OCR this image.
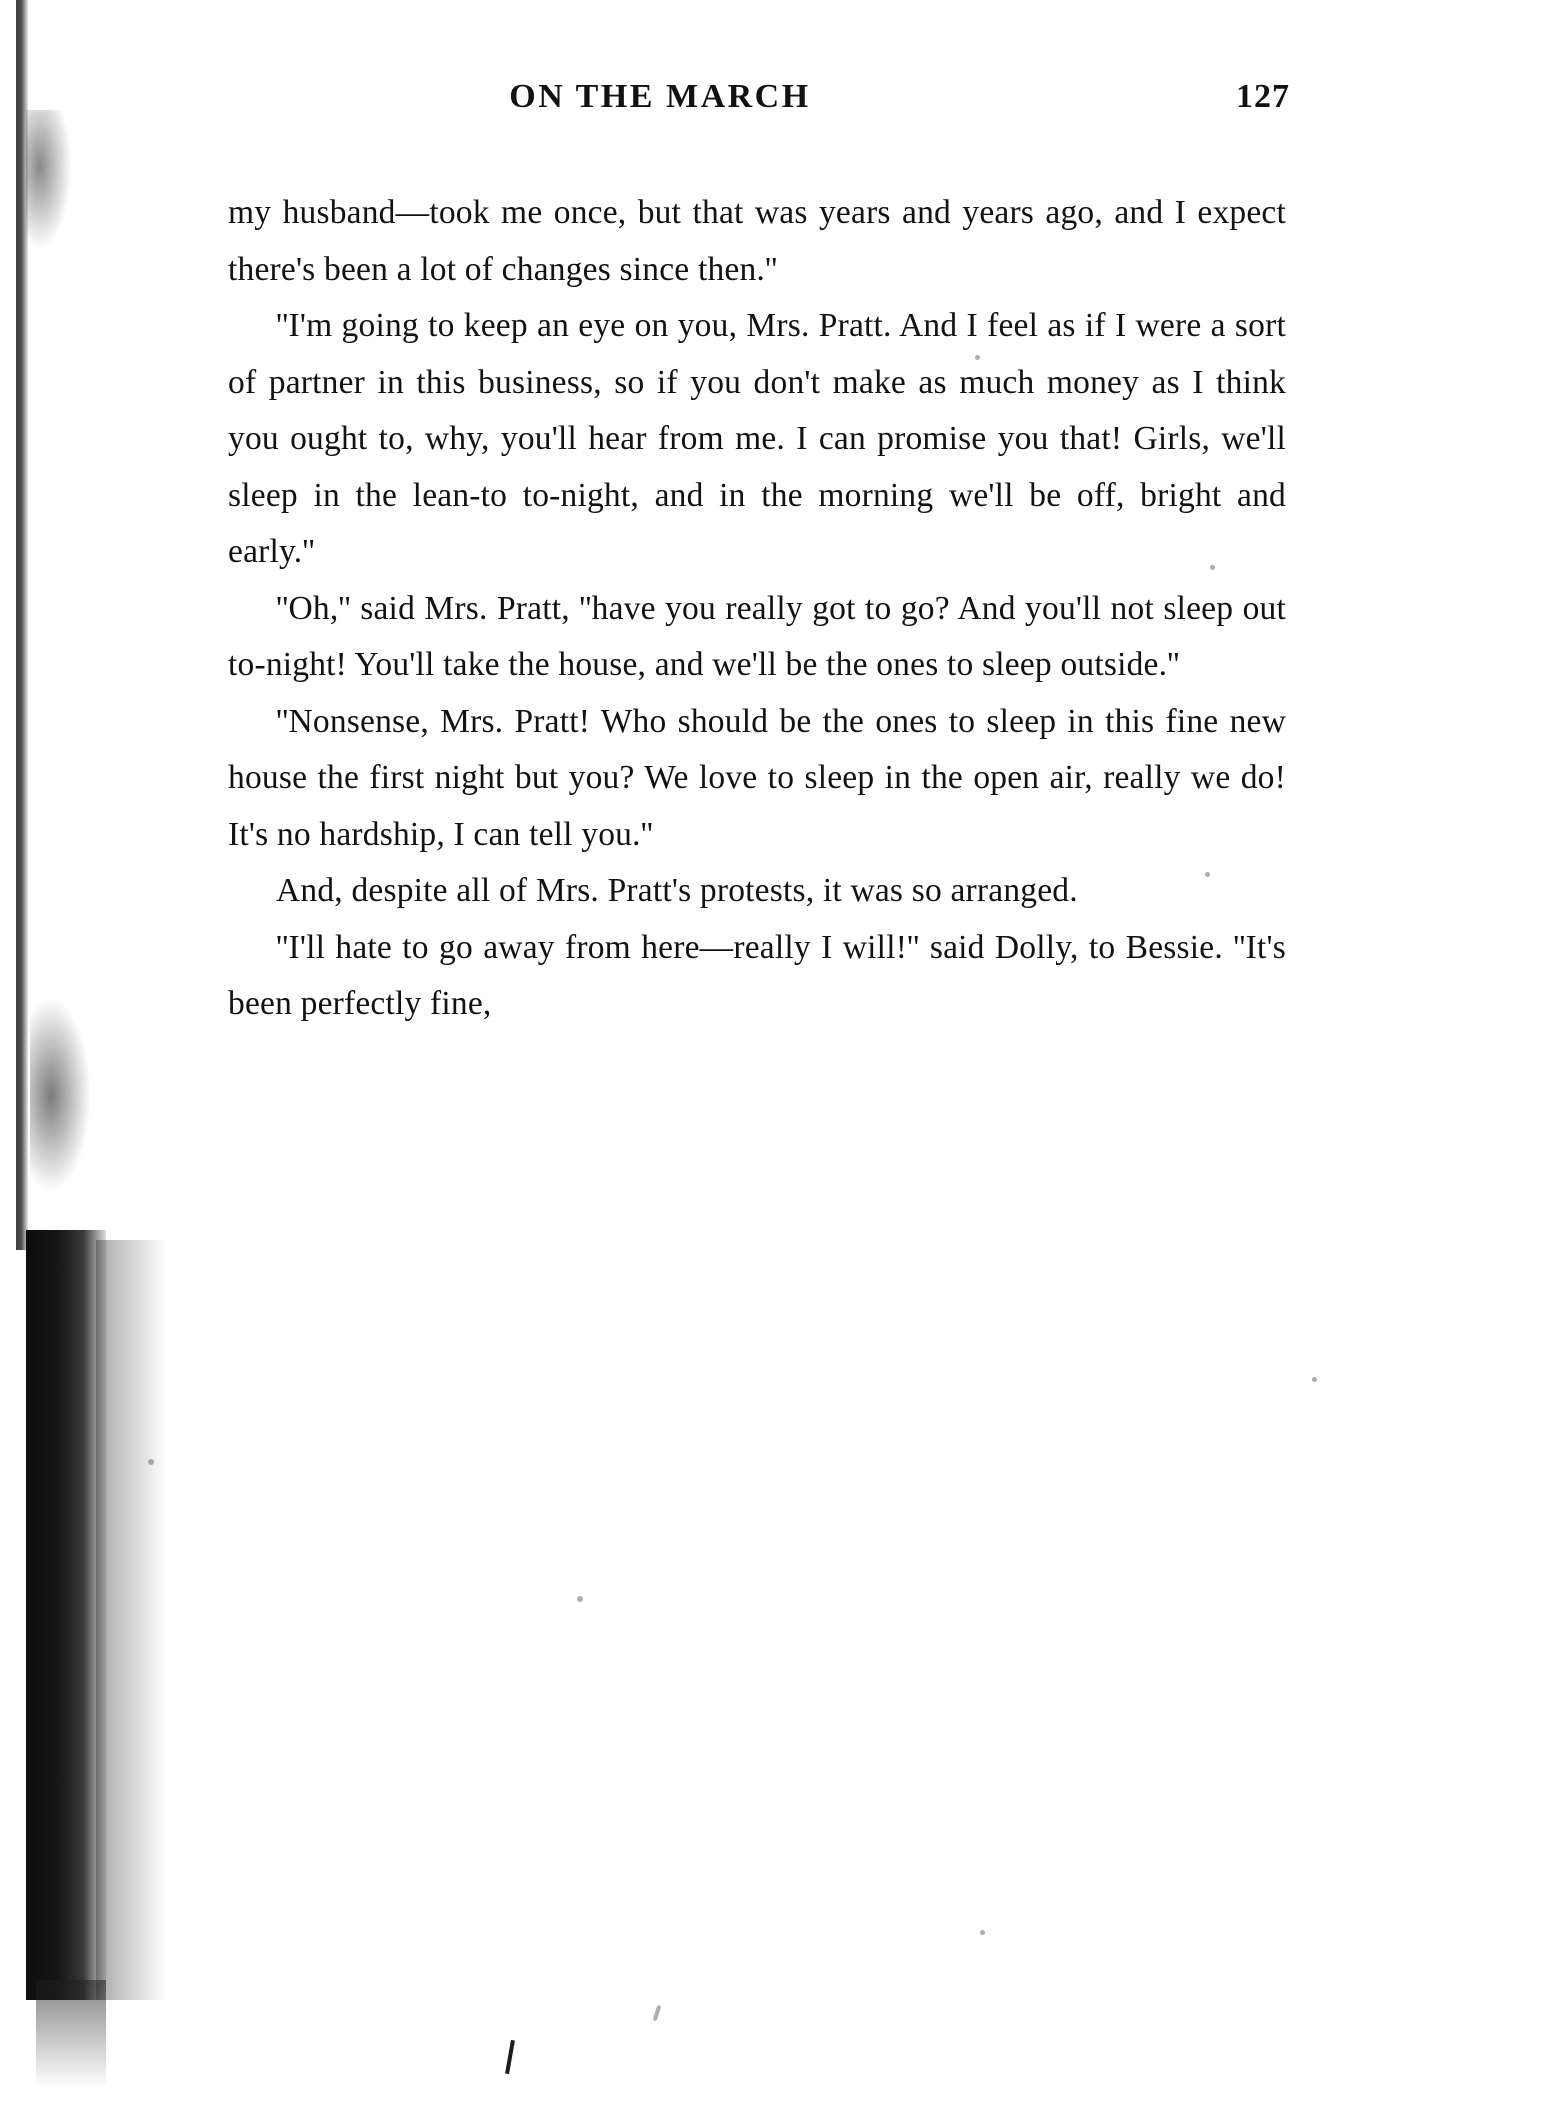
ON THE MARCH	127

my husband—took me once, but that was years and years ago, and I expect there's been a lot of changes since then.''

''I'm going to keep an eye on you, Mrs. Pratt. And I feel as if I were a sort of partner in this business, so if you don't make as much money as I think you ought to, why, you'll hear from me. I can promise you that! Girls, we'll sleep in the lean-to to-night, and in the morning we'll be off, bright and early.''

''Oh,'' said Mrs. Pratt, ''have you really got to go? And you'll not sleep out to-night! You'll take the house, and we'll be the ones to sleep outside.''

''Nonsense, Mrs. Pratt! Who should be the ones to sleep in this fine new house the first night but you? We love to sleep in the open air, really we do! It's no hardship, I can tell you.''

And, despite all of Mrs. Pratt's protests, it was so arranged.

''I'll hate to go away from here—really I will!'' said Dolly, to Bessie. ''It's been perfectly fine,
